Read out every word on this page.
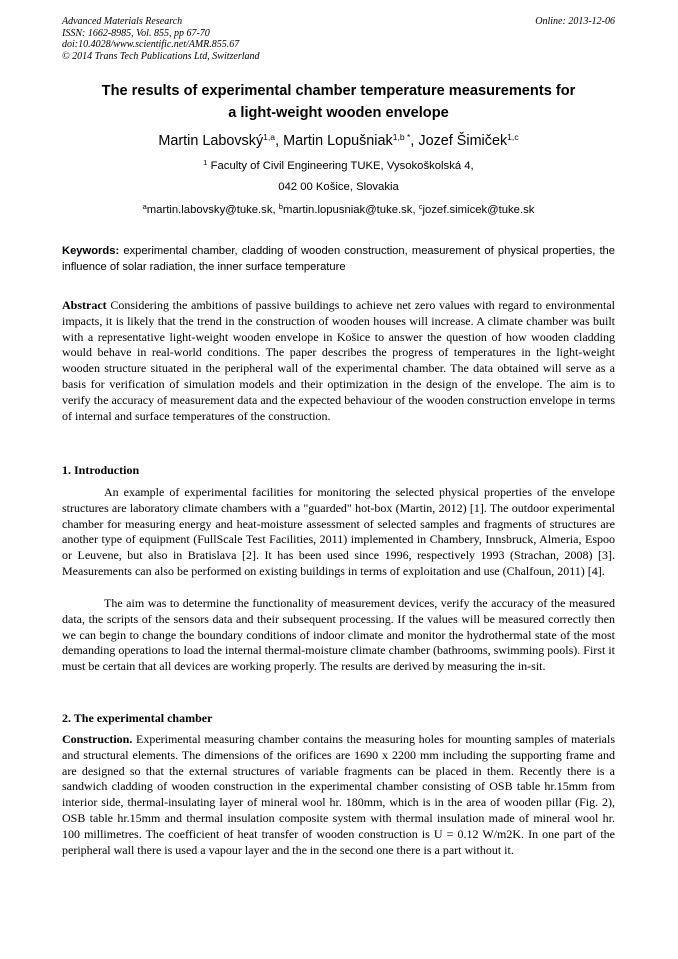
Advanced Materials Research
ISSN: 1662-8985, Vol. 855, pp 67-70
doi:10.4028/www.scientific.net/AMR.855.67
© 2014 Trans Tech Publications Ltd, Switzerland
Online: 2013-12-06
The results of experimental chamber temperature measurements for
a light-weight wooden envelope
Martin Labovský$^{1,a}$, Martin Lopušniak$^{1,b *}$, Jozef Šimiček$^{1,c}$
$^1$ Faculty of Civil Engineering TUKE, Vysokoškolská 4,
042 00 Košice, Slovakia
$^a$martin.labovsky@tuke.sk, $^b$martin.lopusniak@tuke.sk, $^c$jozef.simicek@tuke.sk
Keywords: experimental chamber, cladding of wooden construction, measurement of physical properties, the influence of solar radiation, the inner surface temperature

Abstract Considering the ambitions of passive buildings to achieve net zero values with regard to environmental impacts, it is likely that the trend in the construction of wooden houses will increase. A climate chamber was built with a representative light-weight wooden envelope in Košice to answer the question of how wooden cladding would behave in real-world conditions. The paper describes the progress of temperatures in the light-weight wooden structure situated in the peripheral wall of the experimental chamber. The data obtained will serve as a basis for verification of simulation models and their optimization in the design of the envelope. The aim is to verify the accuracy of measurement data and the expected behaviour of the wooden construction envelope in terms of internal and surface temperatures of the construction.

1. Introduction

An example of experimental facilities for monitoring the selected physical properties of the envelope structures are laboratory climate chambers with a "guarded" hot-box (Martin, 2012) [1]. The outdoor experimental chamber for measuring energy and heat-moisture assessment of selected samples and fragments of structures are another type of equipment (FullScale Test Facilities, 2011) implemented in Chambery, Innsbruck, Almeria, Espoo or Leuvene, but also in Bratislava [2]. It has been used since 1996, respectively 1993 (Strachan, 2008) [3]. Measurements can also be performed on existing buildings in terms of exploitation and use (Chalfoun, 2011) [4].

The aim was to determine the functionality of measurement devices, verify the accuracy of the measured data, the scripts of the sensors data and their subsequent processing. If the values will be measured correctly then we can begin to change the boundary conditions of indoor climate and monitor the hydrothermal state of the most demanding operations to load the internal thermal-moisture climate chamber (bathrooms, swimming pools). First it must be certain that all devices are working properly. The results are derived by measuring the in-sit.

2. The experimental chamber

Construction. Experimental measuring chamber contains the measuring holes for mounting samples of materials and structural elements. The dimensions of the orifices are 1690 x 2200 mm including the supporting frame and are designed so that the external structures of variable fragments can be placed in them. Recently there is a sandwich cladding of wooden construction in the experimental chamber consisting of OSB table hr.15mm from interior side, thermal-insulating layer of mineral wool hr. 180mm, which is in the area of wooden pillar (Fig. 2), OSB table hr.15mm and thermal insulation composite system with thermal insulation made of mineral wool hr. 100 millimetres. The coefficient of heat transfer of wooden construction is U = 0.12 W/m2K. In one part of the peripheral wall there is used a vapour layer and the in the second one there is a part without it.
